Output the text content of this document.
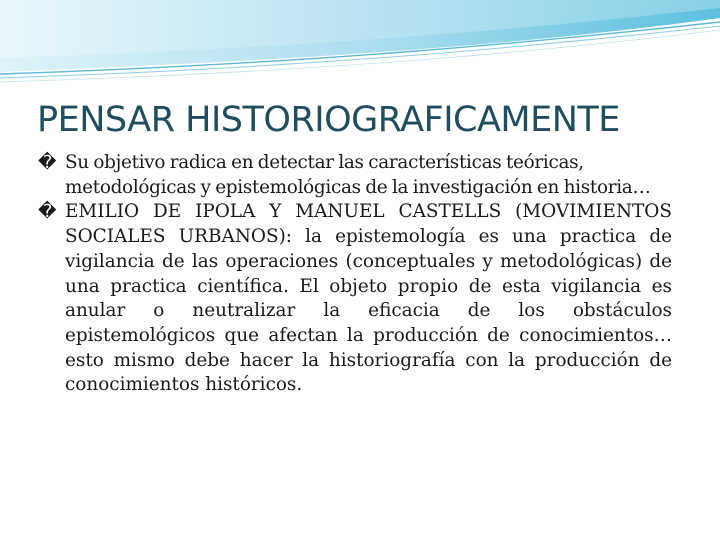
PENSAR HISTORIOGRAFICAMENTE

� Su objetivo radica en detectar las características teóricas, metodológicas y epistemológicas de la investigación en historia…

� EMILIO DE IPOLA Y MANUEL CASTELLS (MOVIMIENTOS SOCIALES URBANOS): la epistemología es una practica de vigilancia de las operaciones (conceptuales y metodológicas) de una practica científica. El objeto propio de esta vigilancia es anular o neutralizar la eficacia de los obstáculos epistemológicos que afectan la producción de conocimientos… esto mismo debe hacer la historiografía con la producción de conocimientos históricos.
